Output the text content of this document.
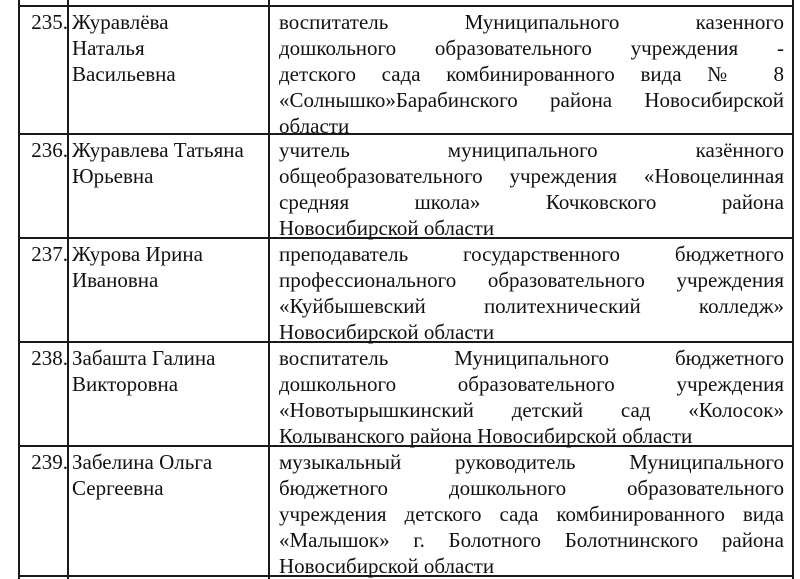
235. Журавлёва
Наталья
Васильевна
воспитатель Муниципального казенного
дошкольного образовательного учреждения -
детского сада комбинированного вида № 8
«Солнышко»Барабинского района Новосибирской
области
236. Журавлева Татьяна
Юрьевна
учитель муниципального казённого
общеобразовательного учреждения «Новоцелинная
средняя школа» Кочковского района
Новосибирской области
237. Журова Ирина
Ивановна
преподаватель государственного бюджетного
профессионального образовательного учреждения
«Куйбышевский политехнический колледж»
Новосибирской области
238. Забашта Галина
Викторовна
воспитатель Муниципального бюджетного
дошкольного образовательного учреждения
«Новотырышкинский детский сад «Колосок»
Колыванского района Новосибирской области
239. Забелина Ольга
Сергеевна
музыкальный руководитель Муниципального
бюджетного дошкольного образовательного
учреждения детского сада комбинированного вида
«Малышок» г. Болотного Болотнинского района
Новосибирской области
